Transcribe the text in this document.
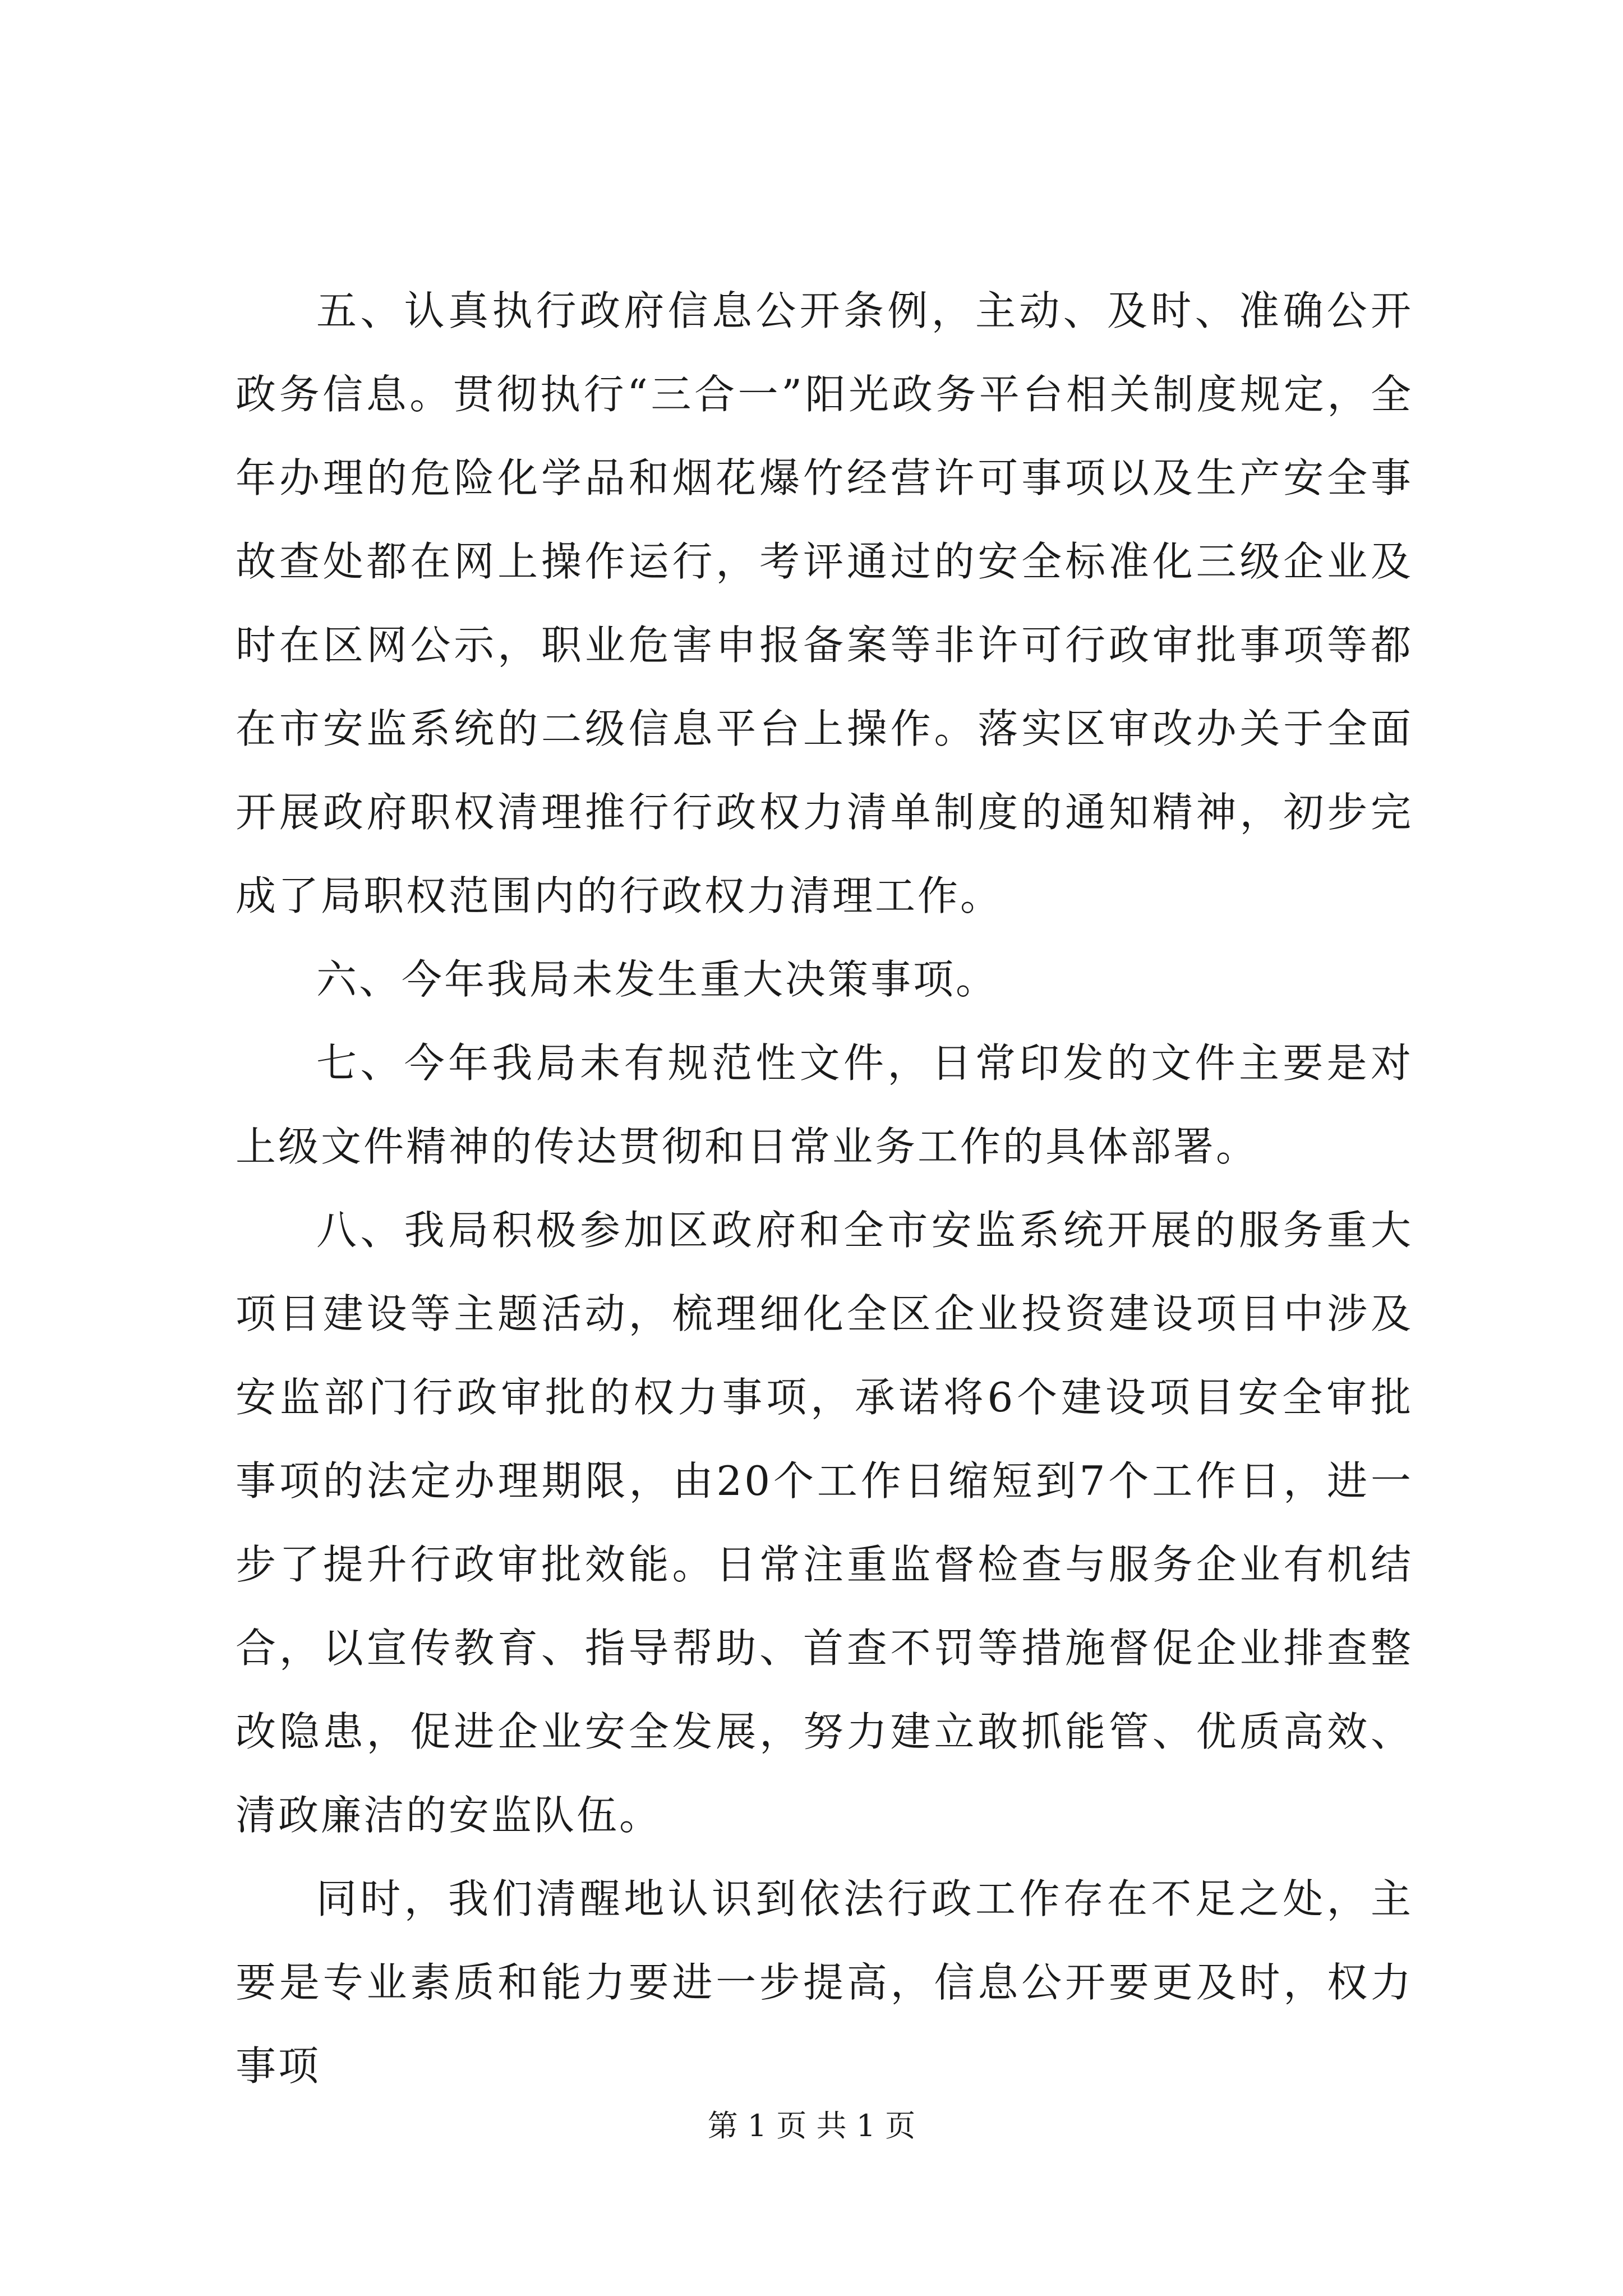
五、认真执行政府信息公开条例，主动、及时、准确公开政务信息。贯彻执行“三合一”阳光政务平台相关制度规定，全年办理的危险化学品和烟花爆竹经营许可事项以及生产安全事故查处都在网上操作运行，考评通过的安全标准化三级企业及时在区网公示，职业危害申报备案等非许可行政审批事项等都在市安监系统的二级信息平台上操作。落实区审改办关于全面开展政府职权清理推行行政权力清单制度的通知精神，初步完成了局职权范围内的行政权力清理工作。

六、今年我局未发生重大决策事项。

七、今年我局未有规范性文件，日常印发的文件主要是对上级文件精神的传达贯彻和日常业务工作的具体部署。

八、我局积极参加区政府和全市安监系统开展的服务重大项目建设等主题活动，梳理细化全区企业投资建设项目中涉及安监部门行政审批的权力事项，承诺将6个建设项目安全审批事项的法定办理期限，由20个工作日缩短到7个工作日，进一步了提升行政审批效能。日常注重监督检查与服务企业有机结合，以宣传教育、指导帮助、首查不罚等措施督促企业排查整改隐患，促进企业安全发展，努力建立敢抓能管、优质高效、清政廉洁的安监队伍。

同时，我们清醒地认识到依法行政工作存在不足之处，主要是专业素质和能力要进一步提高，信息公开要更及时，权力事项

第 1 页 共 1 页
